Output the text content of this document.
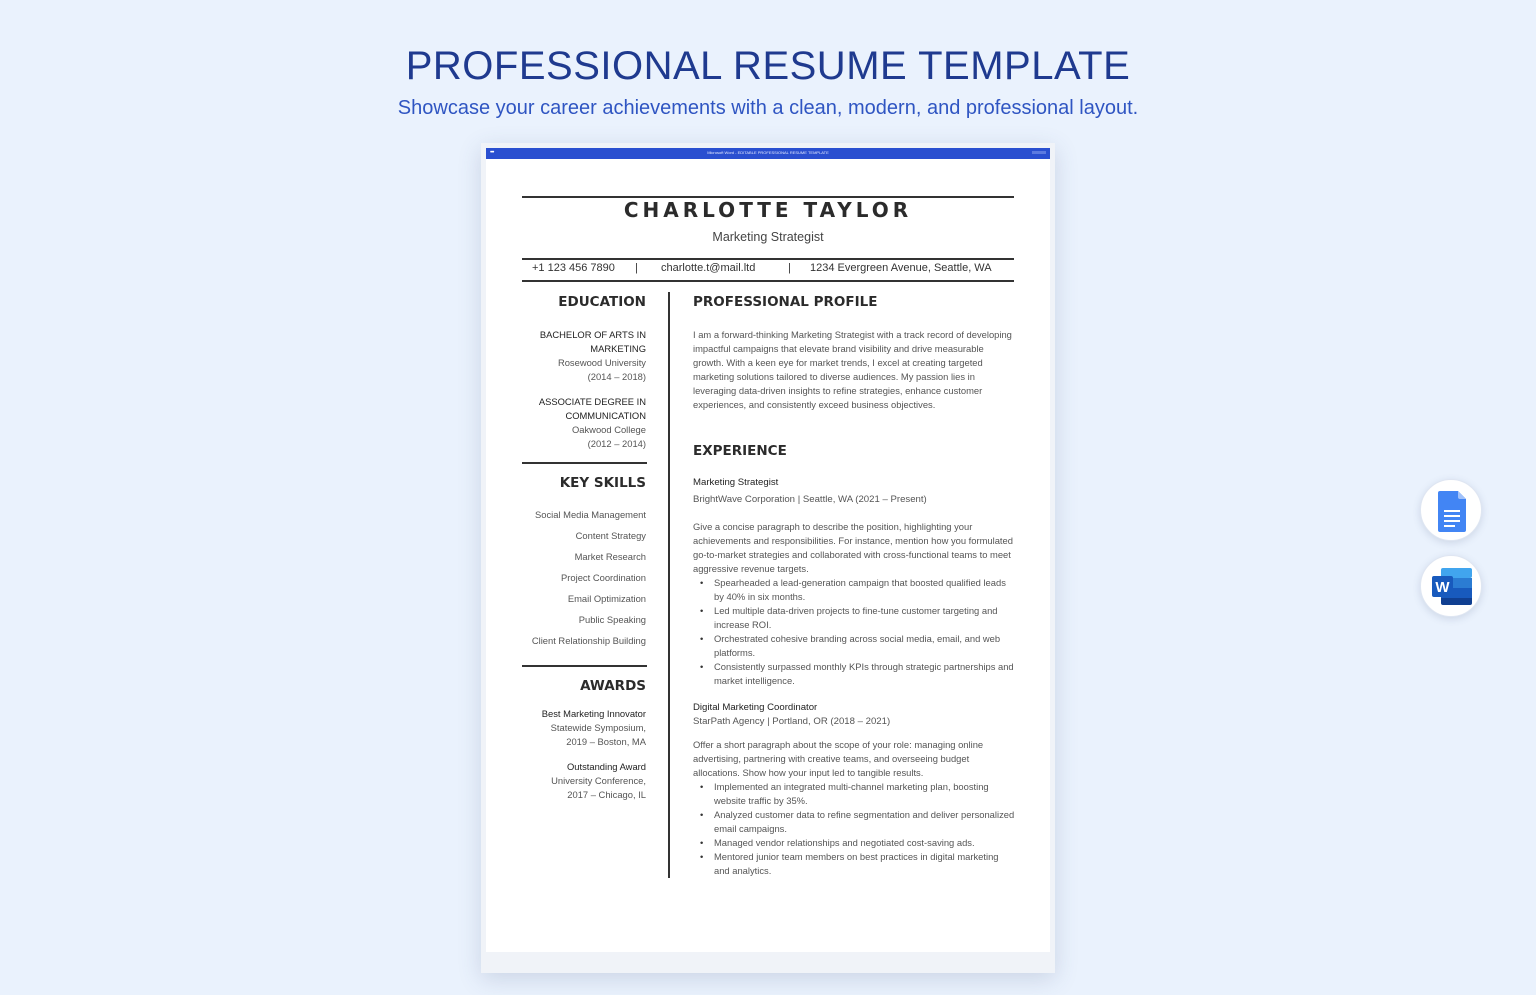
PROFESSIONAL RESUME TEMPLATE
Showcase your career achievements with a clean, modern, and professional layout.
•••	Microsoft Word - EDITABLE PROFESSIONAL RESUME TEMPLATE
CHARLOTTE TAYLOR
Marketing Strategist
+1 123 456 7890 | charlotte.t@mail.ltd	| 1234 Evergreen Avenue, Seattle, WA
EDUCATION
BACHELOR OF ARTS IN
MARKETING
Rosewood University
(2014 – 2018)
ASSOCIATE DEGREE IN
COMMUNICATION
Oakwood College
(2012 – 2014)
KEY SKILLS
Social Media Management
Content Strategy
Market Research
Project Coordination
Email Optimization
Public Speaking
Client Relationship Building
AWARDS
Best Marketing Innovator
Statewide Symposium,
2019 – Boston, MA
Outstanding Award
University Conference,
2017 – Chicago, IL
PROFESSIONAL PROFILE
I am a forward-thinking Marketing Strategist with a track record of developing impactful campaigns that elevate brand visibility and drive measurable growth. With a keen eye for market trends, I excel at creating targeted marketing solutions tailored to diverse audiences. My passion lies in leveraging data-driven insights to refine strategies, enhance customer experiences, and consistently exceed business objectives.
EXPERIENCE
Marketing Strategist
BrightWave Corporation | Seattle, WA (2021 – Present)
Give a concise paragraph to describe the position, highlighting your achievements and responsibilities. For instance, mention how you formulated go-to-market strategies and collaborated with cross-functional teams to meet aggressive revenue targets.
• Spearheaded a lead-generation campaign that boosted qualified leads by 40% in six months.
• Led multiple data-driven projects to fine-tune customer targeting and increase ROI.
• Orchestrated cohesive branding across social media, email, and web platforms.
• Consistently surpassed monthly KPIs through strategic partnerships and market intelligence.
Digital Marketing Coordinator
StarPath Agency | Portland, OR (2018 – 2021)
Offer a short paragraph about the scope of your role: managing online advertising, partnering with creative teams, and overseeing budget allocations. Show how your input led to tangible results.
• Implemented an integrated multi-channel marketing plan, boosting website traffic by 35%.
• Analyzed customer data to refine segmentation and deliver personalized email campaigns.
• Managed vendor relationships and negotiated cost-saving ads.
• Mentored junior team members on best practices in digital marketing and analytics.
W
